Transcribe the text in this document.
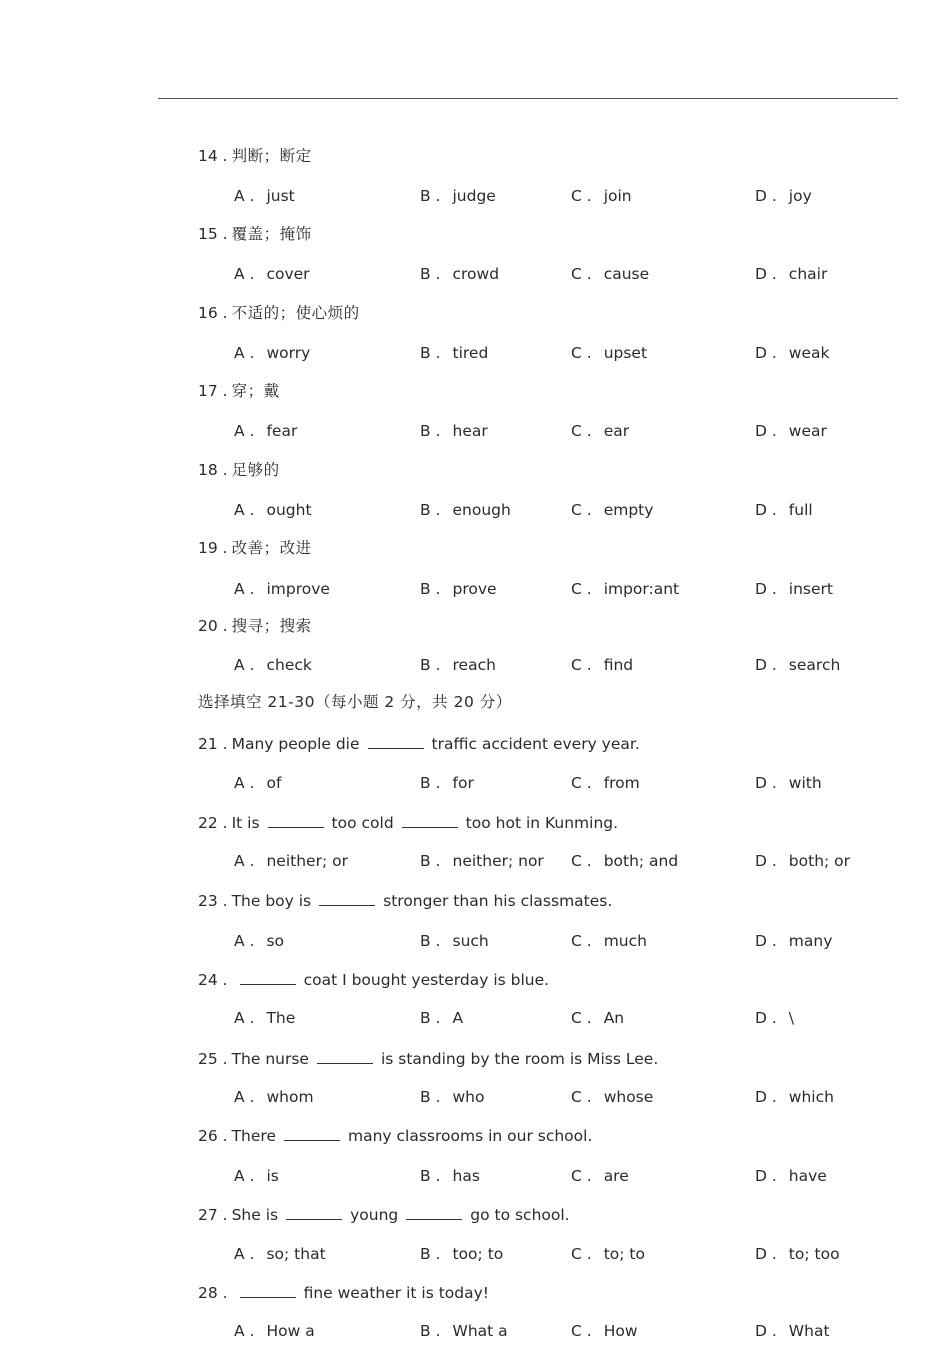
14 . 判断；断定
A . just	B . judge	C . join	D . joy
15 . 覆盖；掩饰
A . cover	B . crowd	C . cause	D . chair
16 . 不适的；使心烦的
A . worry	B . tired	C . upset	D . weak
17 . 穿；戴
A . fear	B . hear	C . ear	D . wear
18 . 足够的
A . ought	B . enough	C . empty	D . full
19 . 改善；改进
A . improve	B . prove	C . impor:ant	D . insert
20 . 搜寻；搜索
A . check	B . reach	C . find	D . search
选择填空 21-30（每小题 2 分，共 20 分）
21 . Many people die	traffic accident every year.
A . of	B . for	C . from	D . with
22 . It is	too cold	too hot in Kunming.
A . neither; or	B . neither; nor C . both; and	D . both; or
23 . The boy is	stronger than his classmates.
A . so	B . such	C . much	D . many
24 .	coat I bought yesterday is blue.
A . The	B . A	C . An	D . \
25 . The nurse	is standing by the room is Miss Lee.
A . whom	B . who	C . whose	D . which
26 . There	many classrooms in our school.
A . is	B . has	C . are	D . have
27 . She is	young	go to school.
A . so; that	B . too; to	C . to; to	D . to; too
28 .	fine weather it is today!
A . How a	B . What a	C . How	D . What
